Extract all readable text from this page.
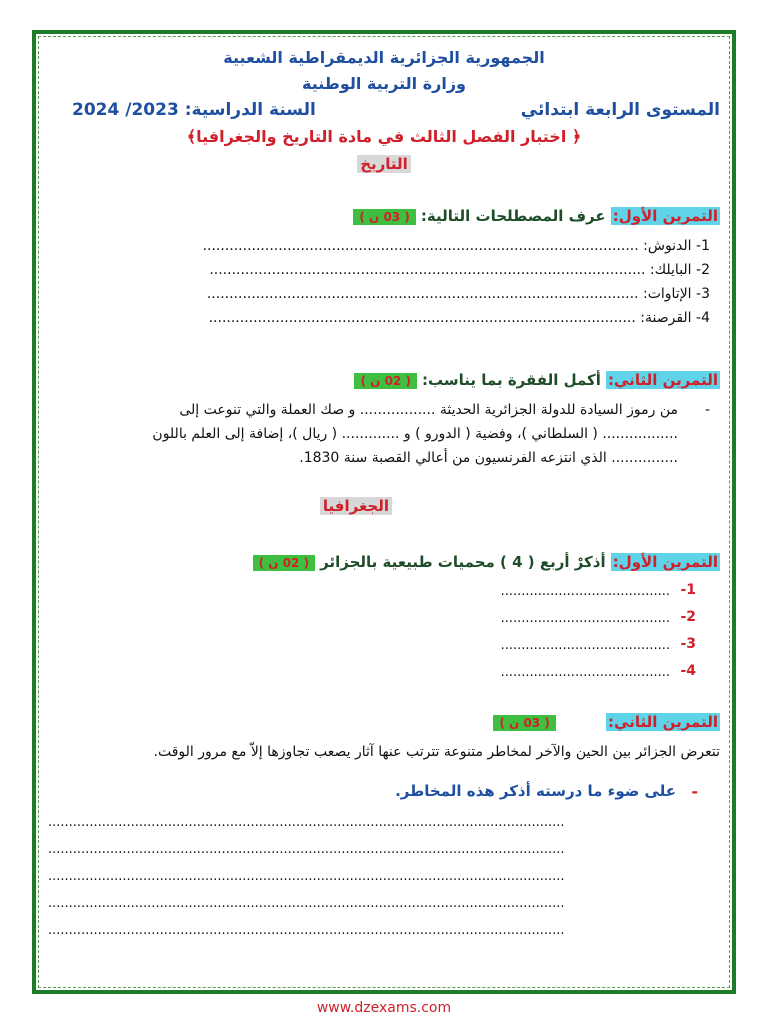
الجمهورية الجزائرية الديمقراطية الشعبية
وزارة التربية الوطنية
المستوى الرابعة ابتدائي
السنة الدراسية: 2023/ 2024
﴿ اختبار الفصل الثالث في مادة التاريخ والجغرافيا﴾
التاريخ
التمرين الأول: عرف المصطلحات التالية: ( 03 ن )
1- الدنوش: ..................................................................................................
2- البايلك: ..................................................................................................
3- الإتاوات: .................................................................................................
4- القرصنة: ................................................................................................
التمرين الثاني: أكمل الفقرة بما يناسب: ( 02 ن )
-
من رموز السيادة للدولة الجزائرية الحديثة ................. و صك العملة والتي تنوعت إلى
................. ( السلطاني )، وفضية ( الدورو ) و ............. ( ريال )، إضافة إلى العلم باللون
............... الذي انتزعه الفرنسيون من أعالي القصبة سنة 1830.
الجغرافيا
التمرين الأول: أذكرْ أربع ( 4 ) محميات طبيعية بالجزائر ( 02 ن )
-1
.........................................
-2
.........................................
-3
.........................................
-4
.........................................
التمرين الثاني:  ( 03 ن )
تتعرض الجزائر بين الحين والآخر لمخاطر متنوعة تترتب عنها آثار يصعب تجاوزها إلاّ مع مرور الوقت.
-
على ضوء ما درسته أذكر هذه المخاطر.
.............................................................................................................................
.............................................................................................................................
.............................................................................................................................
.............................................................................................................................
.............................................................................................................................
www.dzexams.com
